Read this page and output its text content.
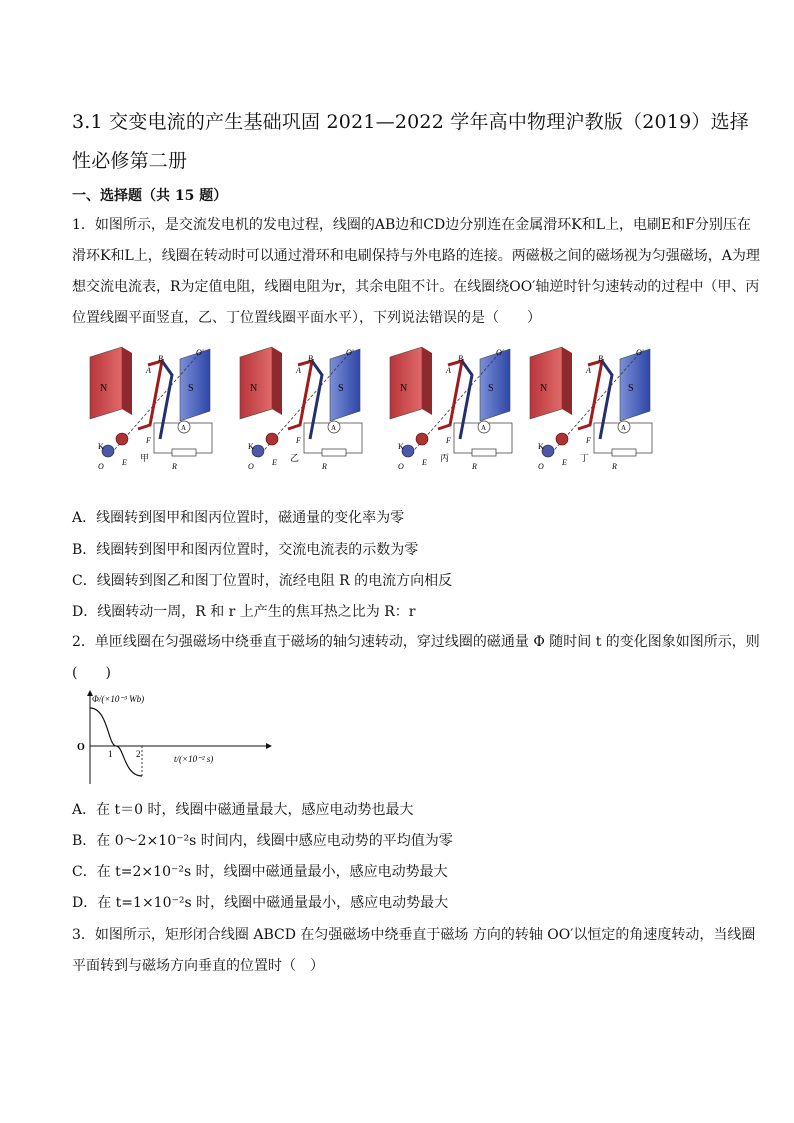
3.1 交变电流的产生基础巩固 2021—2022 学年高中物理沪教版（2019）选择性必修第二册
一、选择题（共 15 题）
1．如图所示，是交流发电机的发电过程，线圈的AB边和CD边分别连在金属滑环K和L上，电刷E和F分别压在滑环K和L上，线圈在转动时可以通过滑环和电刷保持与外电路的连接。两磁极之间的磁场视为匀强磁场，A为理想交流电流表，R为定值电阻，线圈电阻为r，其余电阻不计。在线圈绕OO′轴逆时针匀速转动的过程中（甲、丙位置线圈平面竖直，乙、丁位置线圈平面水平），下列说法错误的是（　　）
N	S
A
R
K
O E
F
B
A
O′
甲	乙	丙	丁
A．线圈转到图甲和图丙位置时，磁通量的变化率为零
B．线圈转到图甲和图丙位置时，交流电流表的示数为零
C．线圈转到图乙和图丁位置时，流经电阻 R 的电流方向相反
D．线圈转动一周，R 和 r 上产生的焦耳热之比为 R：r
2．单匝线圈在匀强磁场中绕垂直于磁场的轴匀速转动，穿过线圈的磁通量 Φ 随时间 t 的变化图象如图所示，则(　　)
Φ/(×10⁻³ Wb)
t/(×10⁻² s)
O
1	2
A．在 t＝0 时，线圈中磁通量最大，感应电动势也最大
B．在 0～2×10⁻²s 时间内，线圈中感应电动势的平均值为零
C．在 t=2×10⁻²s 时，线圈中磁通量最小，感应电动势最大
D．在 t=1×10⁻²s 时，线圈中磁通量最小，感应电动势最大
3．如图所示，矩形闭合线圈 ABCD 在匀强磁场中绕垂直于磁场 方向的转轴 OO′以恒定的角速度转动，当线圈平面转到与磁场方向垂直的位置时（　）
